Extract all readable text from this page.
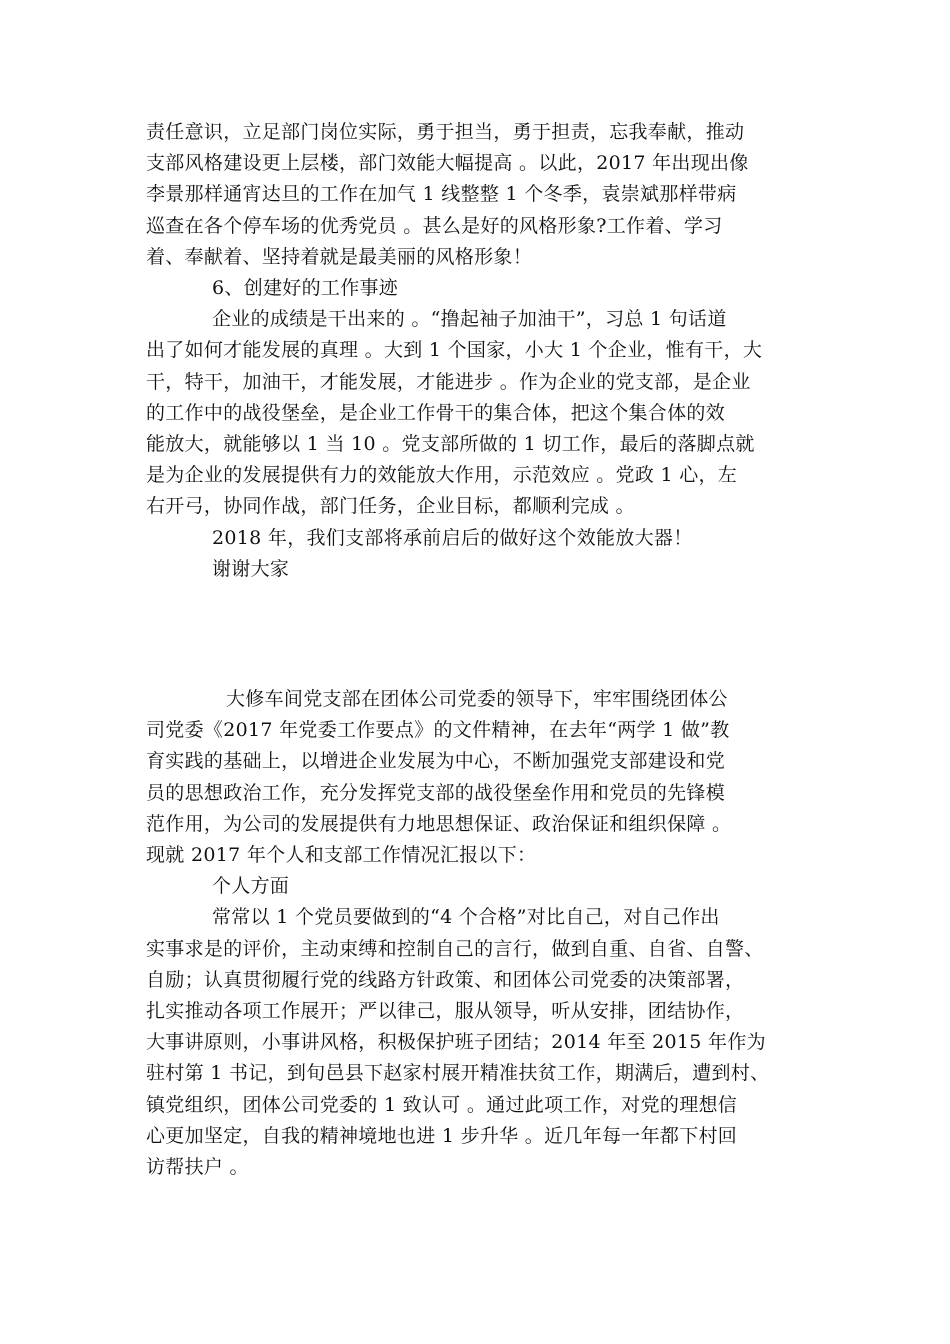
责任意识，立足部门岗位实际，勇于担当，勇于担责，忘我奉献，推动
支部风格建设更上层楼，部门效能大幅提高 。以此，2017 年出现出像
李景那样通宵达旦的工作在加气 1 线整整 1 个冬季，袁崇斌那样带病
巡查在各个停车场的优秀党员 。甚么是好的风格形象?工作着、学习
着、奉献着、坚持着就是最美丽的风格形象！

6、创建好的工作事迹

企业的成绩是干出来的 。“撸起袖子加油干”，习总 1 句话道
出了如何才能发展的真理 。大到 1 个国家，小大 1 个企业，惟有干，大
干，特干，加油干，才能发展，才能进步 。作为企业的党支部，是企业
的工作中的战役堡垒，是企业工作骨干的集合体，把这个集合体的效
能放大，就能够以 1 当 10 。党支部所做的 1 切工作，最后的落脚点就
是为企业的发展提供有力的效能放大作用，示范效应 。党政 1 心，左
右开弓，协同作战，部门任务，企业目标，都顺利完成 。

2018 年，我们支部将承前启后的做好这个效能放大器！

谢谢大家

大修车间党支部在团体公司党委的领导下，牢牢围绕团体公
司党委《2017 年党委工作要点》的文件精神，在去年“两学 1 做”教
育实践的基础上，以增进企业发展为中心，不断加强党支部建设和党
员的思想政治工作，充分发挥党支部的战役堡垒作用和党员的先锋模
范作用，为公司的发展提供有力地思想保证、政治保证和组织保障 。
现就 2017 年个人和支部工作情况汇报以下：

个人方面

常常以 1 个党员要做到的“4 个合格”对比自己，对自己作出
实事求是的评价，主动束缚和控制自己的言行，做到自重、自省、自警、
自励；认真贯彻履行党的线路方针政策、和团体公司党委的决策部署，
扎实推动各项工作展开；严以律己，服从领导，听从安排，团结协作，
大事讲原则，小事讲风格，积极保护班子团结；2014 年至 2015 年作为
驻村第 1 书记，到旬邑县下赵家村展开精准扶贫工作，期满后，遭到村、
镇党组织，团体公司党委的 1 致认可 。通过此项工作，对党的理想信
心更加坚定，自我的精神境地也进 1 步升华 。近几年每一年都下村回
访帮扶户 。
